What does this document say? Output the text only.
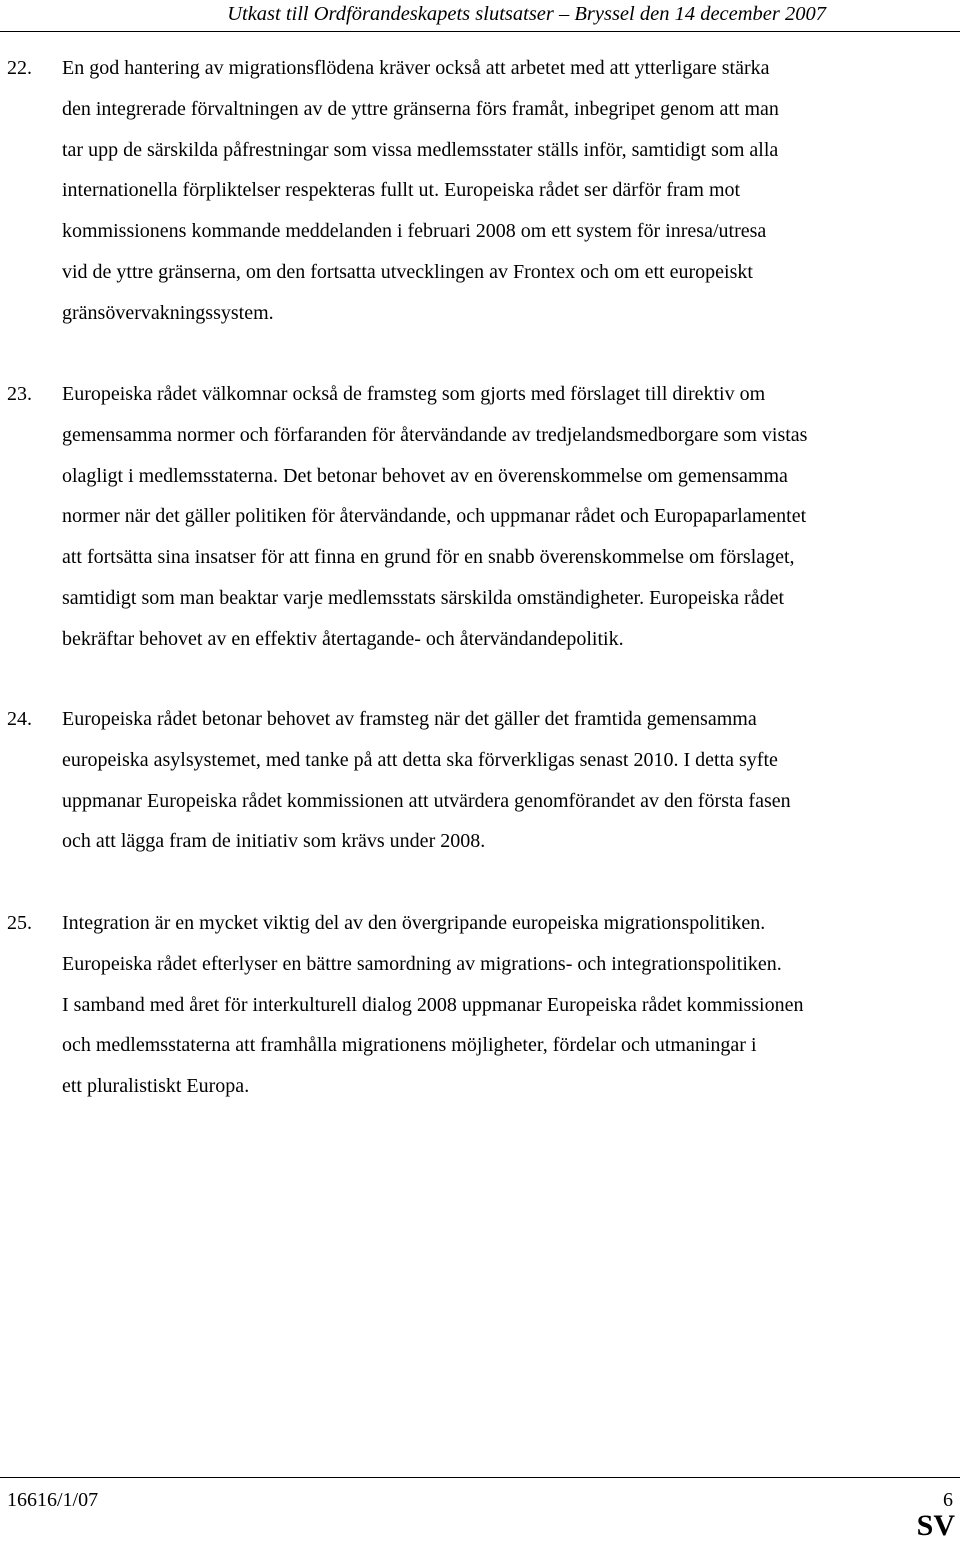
Utkast till Ordförandeskapets slutsatser – Bryssel den 14 december 2007
22. En god hantering av migrationsflödena kräver också att arbetet med att ytterligare stärka
den integrerade förvaltningen av de yttre gränserna förs framåt, inbegripet genom att man
tar upp de särskilda påfrestningar som vissa medlemsstater ställs inför, samtidigt som alla
internationella förpliktelser respekteras fullt ut. Europeiska rådet ser därför fram mot
kommissionens kommande meddelanden i februari 2008 om ett system för inresa/utresa
vid de yttre gränserna, om den fortsatta utvecklingen av Frontex och om ett europeiskt
gränsövervakningssystem.
23. Europeiska rådet välkomnar också de framsteg som gjorts med förslaget till direktiv om
gemensamma normer och förfaranden för återvändande av tredjelandsmedborgare som vistas
olagligt i medlemsstaterna. Det betonar behovet av en överenskommelse om gemensamma
normer när det gäller politiken för återvändande, och uppmanar rådet och Europaparlamentet
att fortsätta sina insatser för att finna en grund för en snabb överenskommelse om förslaget,
samtidigt som man beaktar varje medlemsstats särskilda omständigheter. Europeiska rådet
bekräftar behovet av en effektiv återtagande- och återvändandepolitik.
24. Europeiska rådet betonar behovet av framsteg när det gäller det framtida gemensamma
europeiska asylsystemet, med tanke på att detta ska förverkligas senast 2010. I detta syfte
uppmanar Europeiska rådet kommissionen att utvärdera genomförandet av den första fasen
och att lägga fram de initiativ som krävs under 2008.
25. Integration är en mycket viktig del av den övergripande europeiska migrationspolitiken.
Europeiska rådet efterlyser en bättre samordning av migrations- och integrationspolitiken.
I samband med året för interkulturell dialog 2008 uppmanar Europeiska rådet kommissionen
och medlemsstaterna att framhålla migrationens möjligheter, fördelar och utmaningar i
ett pluralistiskt Europa.
16616/1/07	6
SV
